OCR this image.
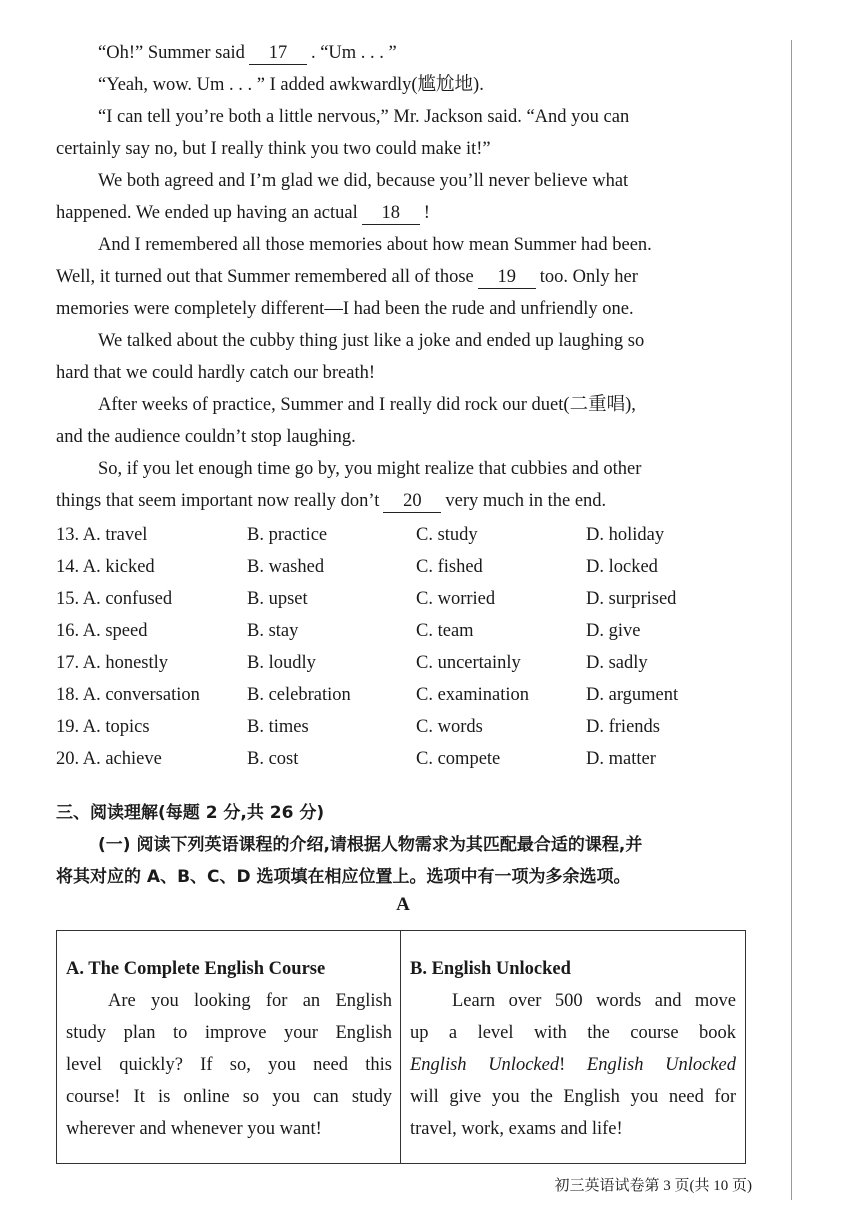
“Oh!” Summer said 17 . “Um . . . ”
“Yeah, wow. Um . . . ” I added awkwardly(尴尬地).
“I can tell you’re both a little nervous,” Mr. Jackson said. “And you can
certainly say no, but I really think you two could make it!”
We both agreed and I’m glad we did, because you’ll never believe what
happened. We ended up having an actual 18 !
And I remembered all those memories about how mean Summer had been.
Well, it turned out that Summer remembered all of those 19 too. Only her
memories were completely different—I had been the rude and unfriendly one.
We talked about the cubby thing just like a joke and ended up laughing so
hard that we could hardly catch our breath!
After weeks of practice, Summer and I really did rock our duet(二重唱),
and the audience couldn’t stop laughing.
So, if you let enough time go by, you might realize that cubbies and other
things that seem important now really don’t 20 very much in the end.
13. A. travel	B. practice	C. study	D. holiday
14. A. kicked	B. washed	C. fished	D. locked
15. A. confused	B. upset	C. worried	D. surprised
16. A. speed	B. stay	C. team	D. give
17. A. honestly	B. loudly	C. uncertainly	D. sadly
18. A. conversation	B. celebration	C. examination	D. argument
19. A. topics	B. times	C. words	D. friends
20. A. achieve	B. cost	C. compete	D. matter
三、阅读理解(每题 2 分,共 26 分)
(一) 阅读下列英语课程的介绍,请根据人物需求为其匹配最合适的课程,并
将其对应的 A、B、C、D 选项填在相应位置上。选项中有一项为多余选项。
A
A. The Complete English Course
Are you looking for an English
study plan to improve your English
level quickly? If so, you need this
course! It is online so you can study
wherever and whenever you want!
B. English Unlocked
Learn over 500 words and move
up a level with the course book
English Unlocked! English Unlocked
will give you the English you need for
travel, work, exams and life!
初三英语试卷第 3 页(共 10 页)
